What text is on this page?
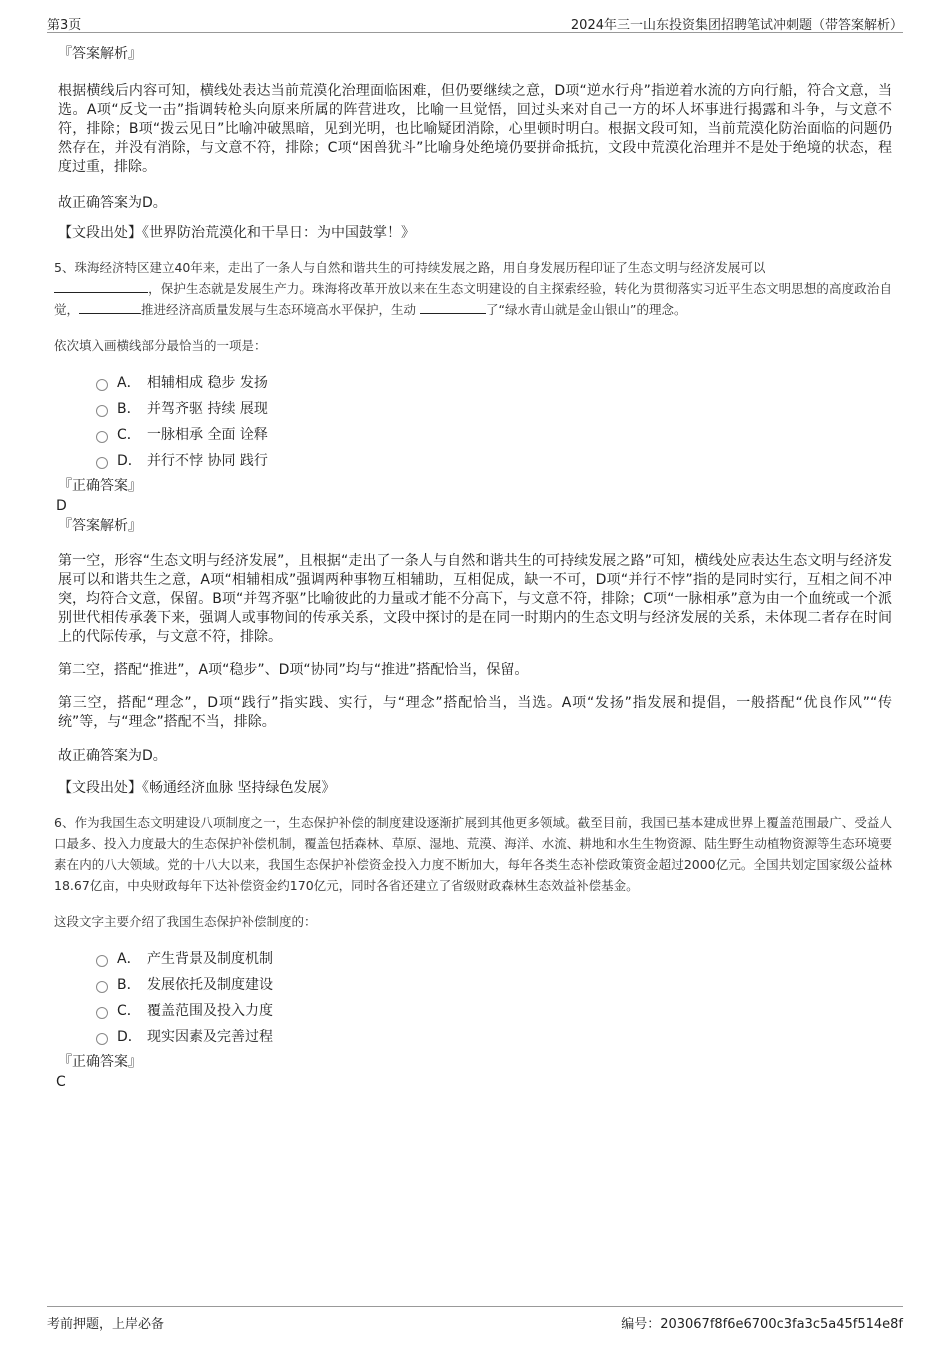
第3页	2024年三一山东投资集团招聘笔试冲刺题（带答案解析）
『答案解析』

根据横线后内容可知，横线处表达当前荒漠化治理面临困难，但仍要继续之意，D项“逆水行舟”指逆着水流的方向行船，符合文意，当选。A项“反戈一击”指调转枪头向原来所属的阵营进攻，比喻一旦觉悟，回过头来对自己一方的坏人坏事进行揭露和斗争，与文意不符，排除；B项“拨云见日”比喻冲破黑暗，见到光明，也比喻疑团消除，心里顿时明白。根据文段可知，当前荒漠化防治面临的问题仍然存在，并没有消除，与文意不符，排除；C项“困兽犹斗”比喻身处绝境仍要拼命抵抗，文段中荒漠化治理并不是处于绝境的状态，程度过重，排除。

故正确答案为D。
【文段出处】《世界防治荒漠化和干旱日：为中国鼓掌！》

5、珠海经济特区建立40年来，走出了一条人与自然和谐共生的可持续发展之路，用自身发展历程印证了生态文明与经济发展可以
，保护生态就是发展生产力。珠海将改革开放以来在生态文明建设的自主探索经验，转化为贯彻落实习近平生态文明思想的高度政治自觉，	推进经济高质量发展与生态环境高水平保护，生动	了“绿水青山就是金山银山”的理念。

依次填入画横线部分最恰当的一项是：
A． 相辅相成 稳步 发扬
B． 并驾齐驱 持续 展现
C． 一脉相承 全面 诠释
D． 并行不悖 协同 践行
『正确答案』
D
『答案解析』

第一空，形容“生态文明与经济发展”，且根据“走出了一条人与自然和谐共生的可持续发展之路”可知，横线处应表达生态文明与经济发展可以和谐共生之意，A项“相辅相成”强调两种事物互相辅助，互相促成，缺一不可，D项“并行不悖”指的是同时实行，互相之间不冲突，均符合文意，保留。B项“并驾齐驱”比喻彼此的力量或才能不分高下，与文意不符，排除；C项“一脉相承”意为由一个血统或一个派别世代相传承袭下来，强调人或事物间的传承关系，文段中探讨的是在同一时期内的生态文明与经济发展的关系，未体现二者存在时间上的代际传承，与文意不符，排除。

第二空，搭配“推进”，A项“稳步”、D项“协同”均与“推进”搭配恰当，保留。

第三空，搭配“理念”，D项“践行”指实践、实行，与“理念”搭配恰当，当选。A项“发扬”指发展和提倡，一般搭配“优良作风”“传统”等，与“理念”搭配不当，排除。

故正确答案为D。
【文段出处】《畅通经济血脉 坚持绿色发展》

6、作为我国生态文明建设八项制度之一，生态保护补偿的制度建设逐渐扩展到其他更多领域。截至目前，我国已基本建成世界上覆盖范围最广、受益人口最多、投入力度最大的生态保护补偿机制，覆盖包括森林、草原、湿地、荒漠、海洋、水流、耕地和水生生物资源、陆生野生动植物资源等生态环境要素在内的八大领域。党的十八大以来，我国生态保护补偿资金投入力度不断加大，每年各类生态补偿政策资金超过2000亿元。全国共划定国家级公益林18.67亿亩，中央财政每年下达补偿资金约170亿元，同时各省还建立了省级财政森林生态效益补偿基金。

这段文字主要介绍了我国生态保护补偿制度的：
A． 产生背景及制度机制
B． 发展依托及制度建设
C． 覆盖范围及投入力度
D． 现实因素及完善过程
『正确答案』
C
考前押题，上岸必备	编号：203067f8f6e6700c3fa3c5a45f514e8f
